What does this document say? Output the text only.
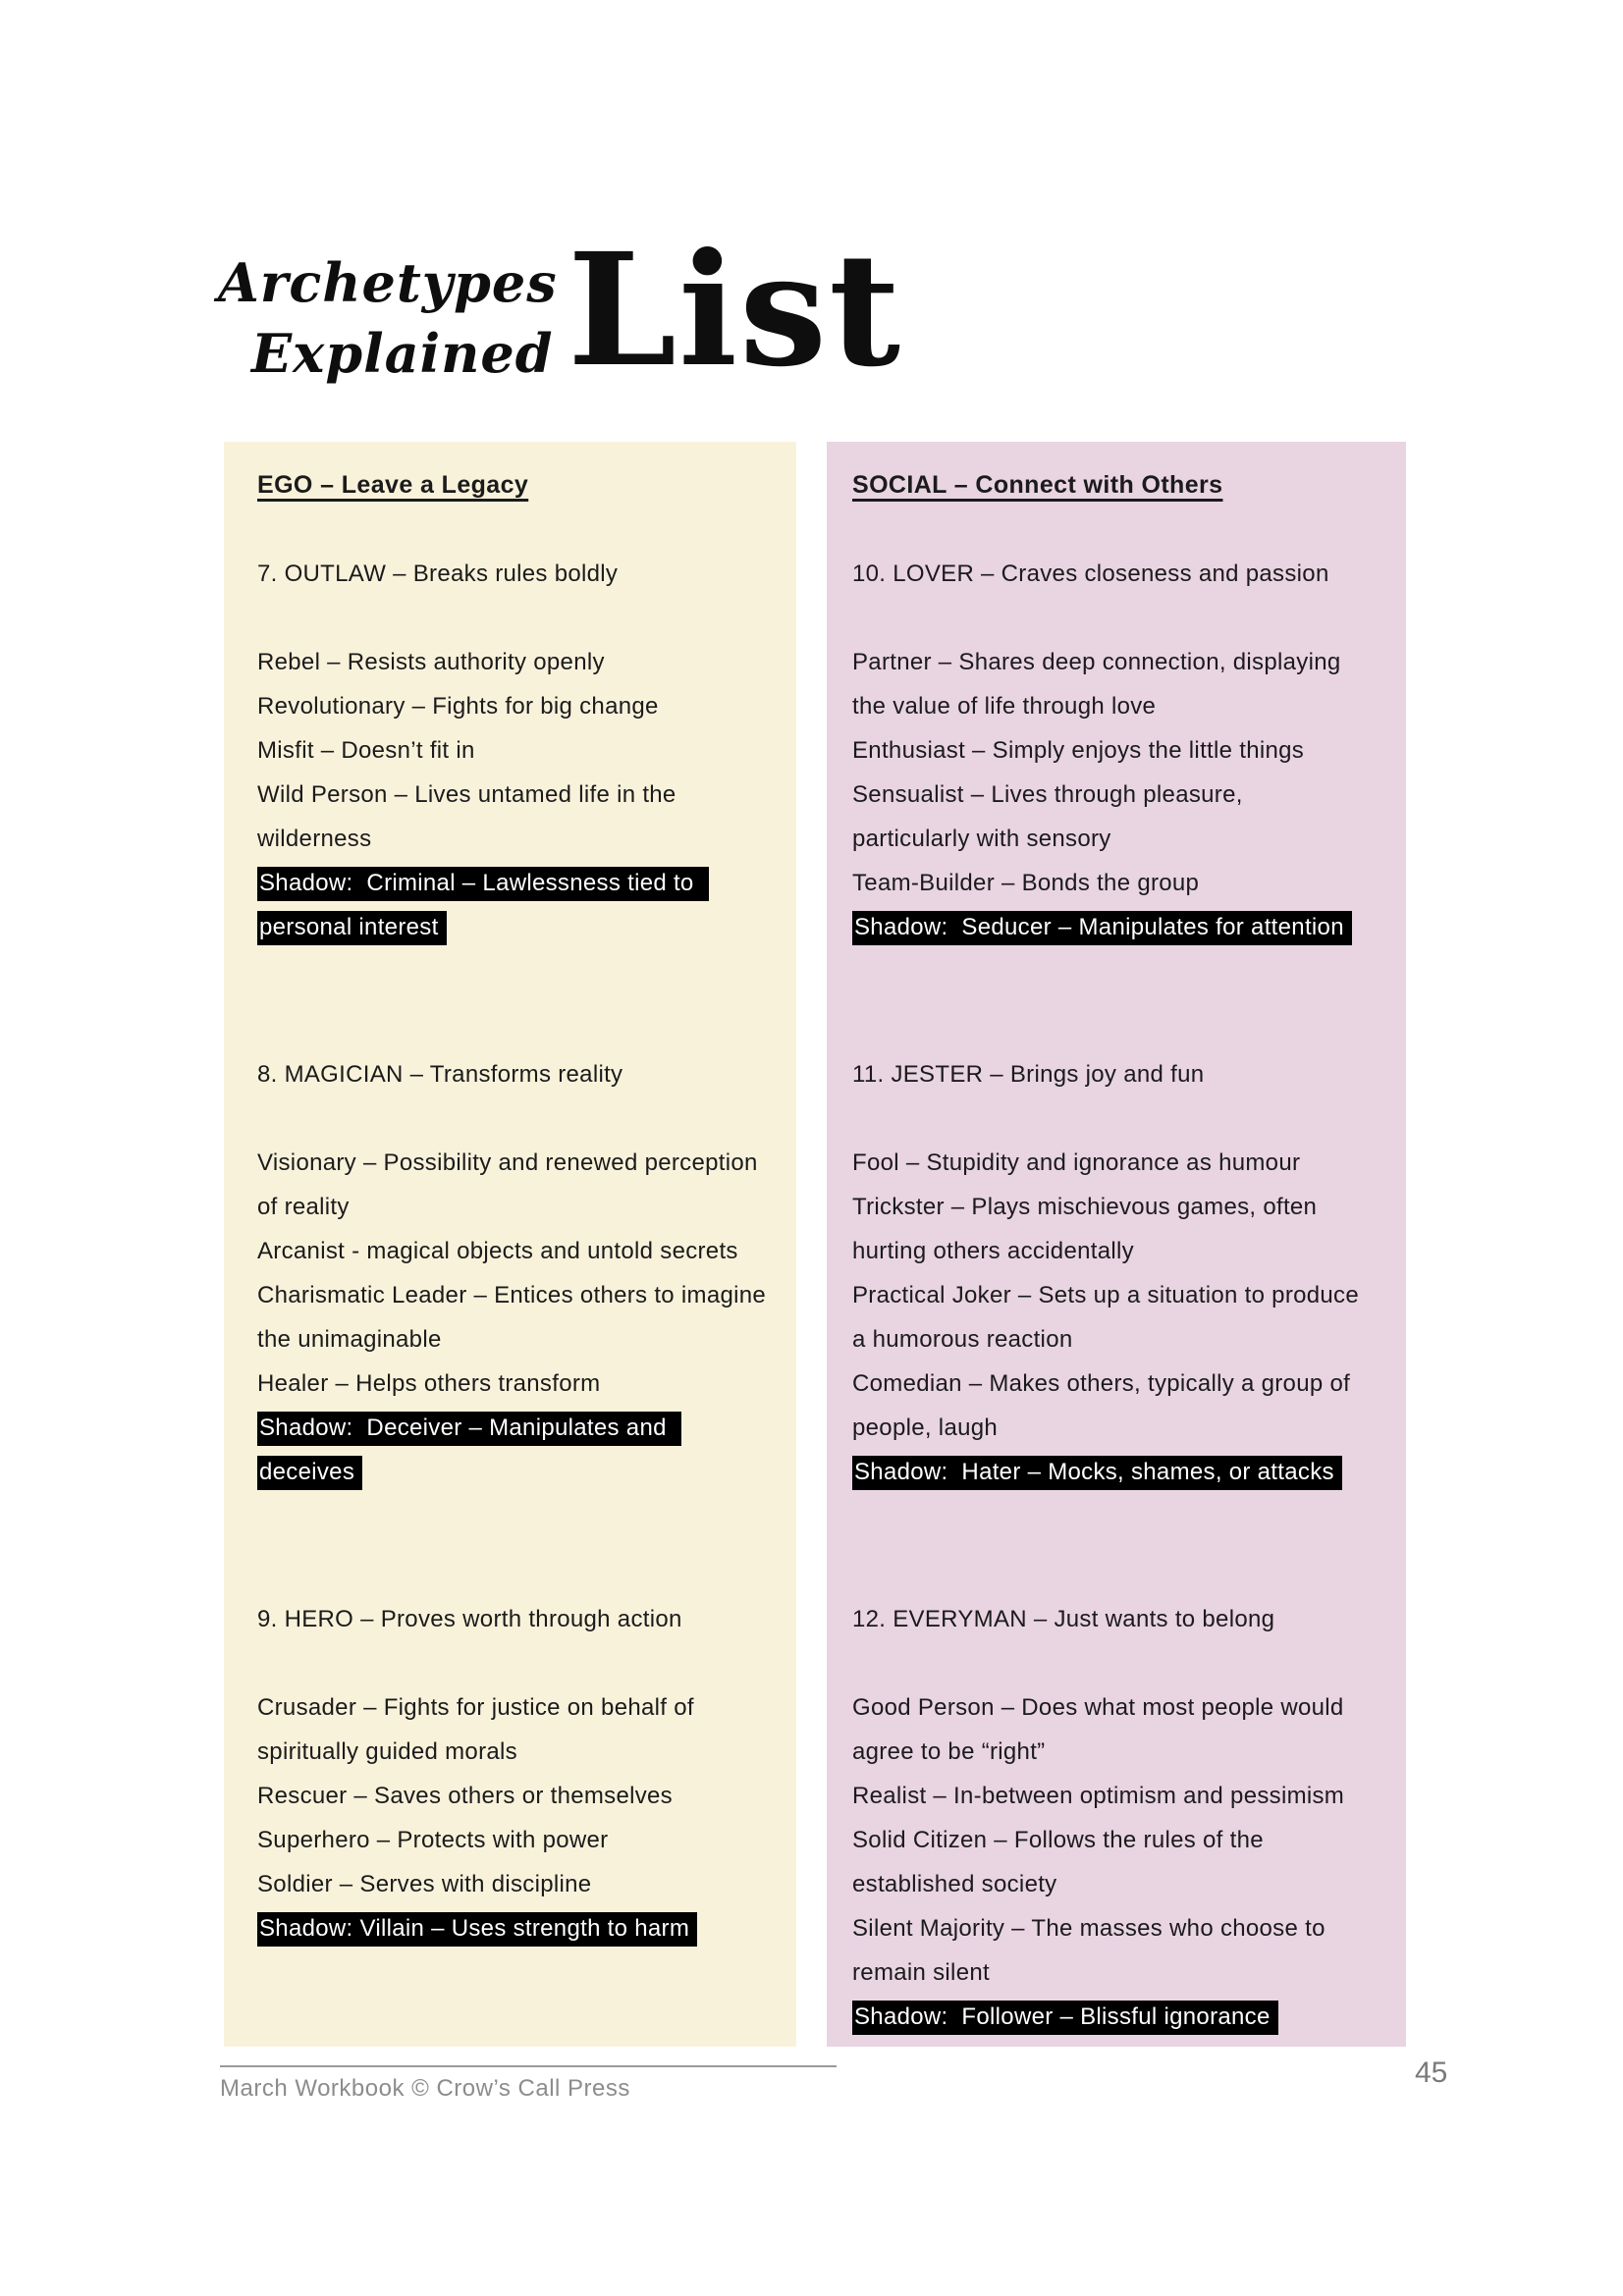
Archetypes
Explained List
EGO – Leave a Legacy
7. OUTLAW – Breaks rules boldly
Rebel – Resists authority openly
Revolutionary – Fights for big change
Misfit – Doesn’t fit in
Wild Person – Lives untamed life in the wilderness
Shadow:  Criminal – Lawlessness tied to personal interest
8. MAGICIAN – Transforms reality
Visionary – Possibility and renewed perception of reality
Arcanist - magical objects and untold secrets
Charismatic Leader – Entices others to imagine the unimaginable
Healer – Helps others transform
Shadow:  Deceiver – Manipulates and deceives
9. HERO – Proves worth through action
Crusader – Fights for justice on behalf of spiritually guided morals
Rescuer – Saves others or themselves
Superhero – Protects with power
Soldier – Serves with discipline
Shadow: Villain – Uses strength to harm
SOCIAL – Connect with Others
10. LOVER – Craves closeness and passion
Partner – Shares deep connection, displaying the value of life through love
Enthusiast – Simply enjoys the little things
Sensualist – Lives through pleasure, particularly with sensory
Team-Builder – Bonds the group
Shadow:  Seducer – Manipulates for attention
11. JESTER – Brings joy and fun
Fool – Stupidity and ignorance as humour
Trickster – Plays mischievous games, often hurting others accidentally
Practical Joker – Sets up a situation to produce a humorous reaction
Comedian – Makes others, typically a group of people, laugh
Shadow:  Hater – Mocks, shames, or attacks
12. EVERYMAN – Just wants to belong
Good Person – Does what most people would agree to be “right”
Realist – In-between optimism and pessimism
Solid Citizen – Follows the rules of the established society
Silent Majority – The masses who choose to remain silent
Shadow:  Follower – Blissful ignorance
March Workbook © Crow’s Call Press	45
